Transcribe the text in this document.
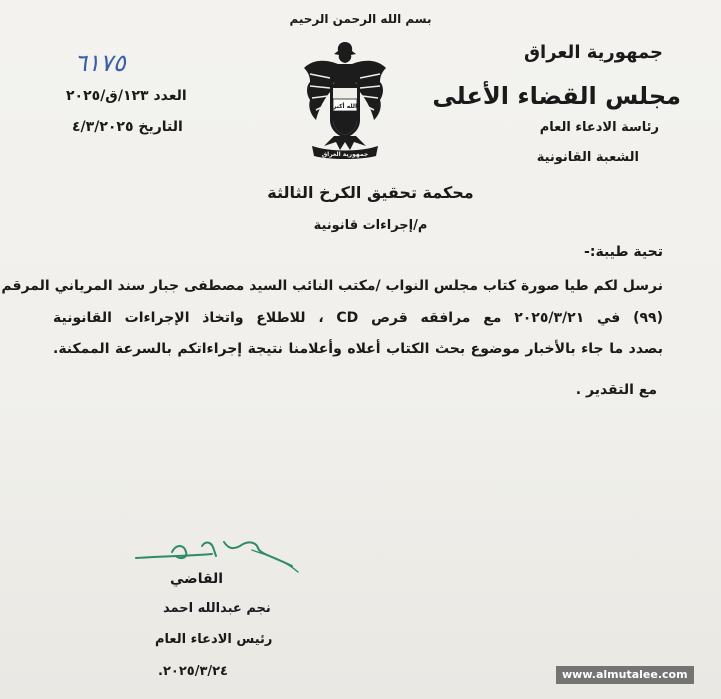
بسم الله الرحمن الرحيم
جمهورية العراق
مجلس القضاء الأعلى
رئاسة الادعاء العام
الشعبة القانونية
الله أكبر
جمهورية العراق
٦١٧٥
العدد ١٢٣/ق/٢٠٢٥
التاريخ ٤/٣/٢٠٢٥
محكمة تحقيق الكرخ الثالثة
م/إجراءات قانونية
تحية طيبة:-
نرسل لكم طيا صورة كتاب مجلس النواب /مكتب النائب السيد مصطفى جبار سند المرياني المرقم
(٩٩) في ٢٠٢٥/٣/٢١ مع مرافقه قرص CD ، للاطلاع واتخاذ الإجراءات القانونية
بصدد ما جاء بالأخبار موضوع بحث الكتاب أعلاه وأعلامنا نتيجة إجراءاتكم بالسرعة الممكنة.
مع التقدير .
القاضي
نجم عبدالله احمد
رئيس الادعاء العام
٢٠٢٥/٣/٢٤.	www.almutalee.com
